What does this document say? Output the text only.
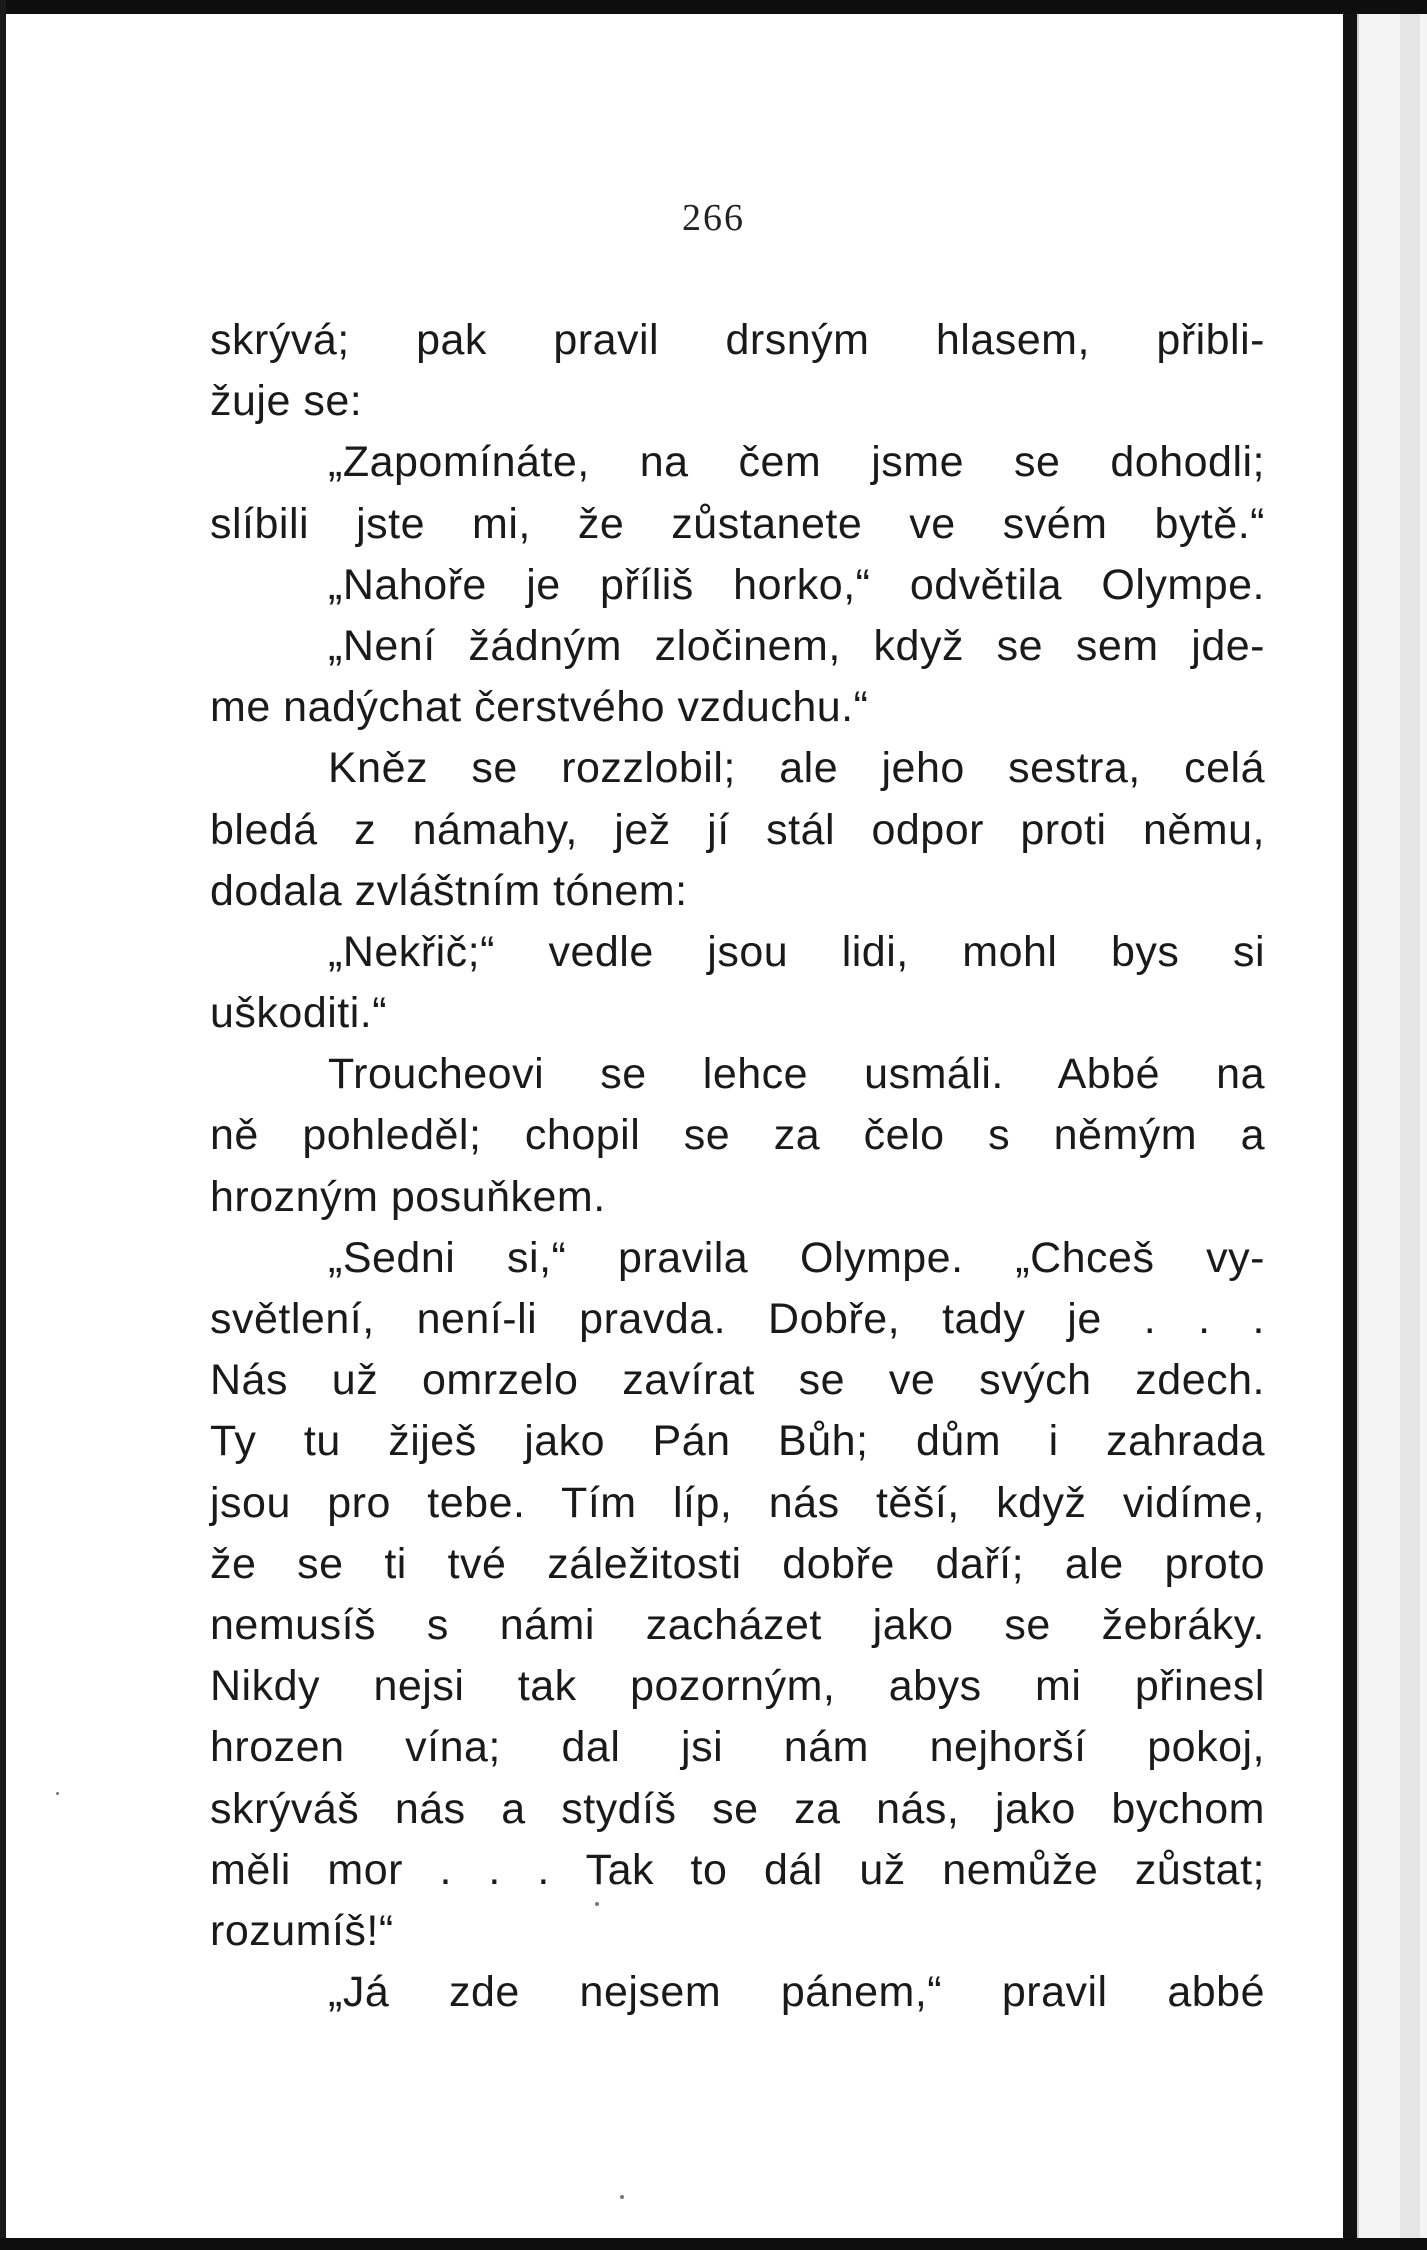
266
skrývá; pak pravil drsným hlasem, přibli-
žuje se:
„Zapomínáte, na čem jsme se dohodli;
slíbili jste mi, že zůstanete ve svém bytě.“
„Nahoře je příliš horko,“ odvětila Olympe.
„Není žádným zločinem, když se sem jde-
me nadýchat čerstvého vzduchu.“
Kněz se rozzlobil; ale jeho sestra, celá
bledá z námahy, jež jí stál odpor proti němu,
dodala zvláštním tónem:
„Nekřič;“ vedle jsou lidi, mohl bys si
uškoditi.“
Troucheovi se lehce usmáli. Abbé na
ně pohleděl; chopil se za čelo s němým a
hrozným posuňkem.
„Sedni si,“ pravila Olympe. „Chceš vy-
světlení, není-li pravda. Dobře, tady je . . .
Nás už omrzelo zavírat se ve svých zdech.
Ty tu žiješ jako Pán Bůh; dům i zahrada
jsou pro tebe. Tím líp, nás těší, když vidíme,
že se ti tvé záležitosti dobře daří; ale proto
nemusíš s námi zacházet jako se žebráky.
Nikdy nejsi tak pozorným, abys mi přinesl
hrozen vína; dal jsi nám nejhorší pokoj,
skrýváš nás a stydíš se za nás, jako bychom
měli mor . . . Tak to dál už nemůže zůstat;
rozumíš!“
„Já zde nejsem pánem,“ pravil abbé
